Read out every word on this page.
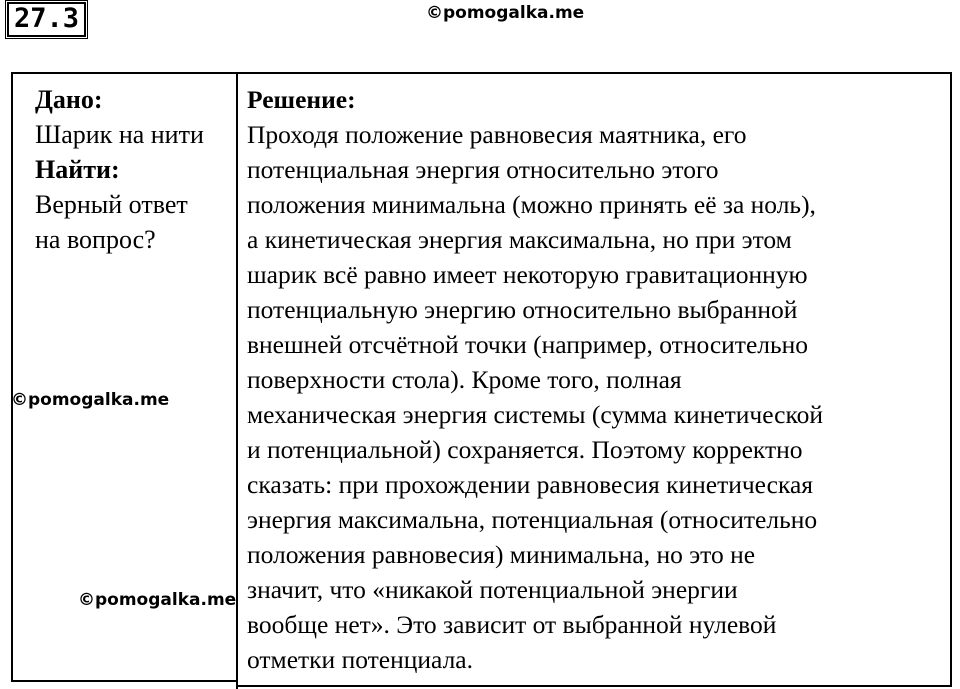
27.3	©pomogalka.me
Дано:
Шарик на нити
Найти:
Верный ответ
на вопрос?
Решение:
Проходя положение равновесия маятника, его
потенциальная энергия относительно этого
положения минимальна (можно принять её за ноль),
а кинетическая энергия максимальна, но при этом
шарик всё равно имеет некоторую гравитационную
потенциальную энергию относительно выбранной
внешней отсчётной точки (например, относительно
поверхности стола). Кроме того, полная
механическая энергия системы (сумма кинетической
и потенциальной) сохраняется. Поэтому корректно
сказать: при прохождении равновесия кинетическая
энергия максимальна, потенциальная (относительно
положения равновесия) минимальна, но это не
значит, что «никакой потенциальной энергии
вообще нет». Это зависит от выбранной нулевой
отметки потенциала.
©pomogalka.me
©pomogalka.me
